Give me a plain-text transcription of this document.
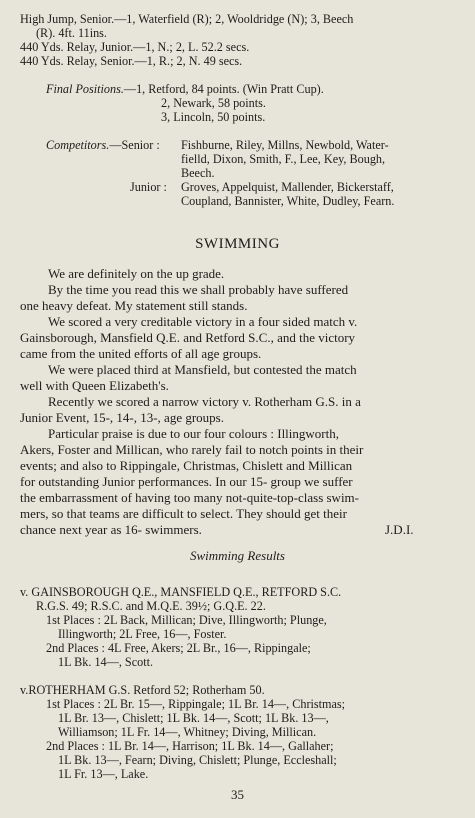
High Jump, Senior.—1, Waterfield (R); 2, Wooldridge (N); 3, Beech
(R). 4ft. 11ins.
440 Yds. Relay, Junior.—1, N.; 2, L. 52.2 secs.
440 Yds. Relay, Senior.—1, R.; 2, N. 49 secs.
Final Positions.—1, Retford, 84 points. (Win Pratt Cup).
2, Newark, 58 points.
3, Lincoln, 50 points.
Competitors.—Senior : Fishburne, Riley, Millns, Newbold, Water-
fielld, Dixon, Smith, F., Lee, Key, Bough,
Beech.
Junior : Groves, Appelquist, Mallender, Bickerstaff,
Coupland, Bannister, White, Dudley, Fearn.
SWIMMING
We are definitely on the up grade.
By the time you read this we shall probably have suffered
one heavy defeat. My statement still stands.
We scored a very creditable victory in a four sided match v.
Gainsborough, Mansfield Q.E. and Retford S.C., and the victory
came from the united efforts of all age groups.
We were placed third at Mansfield, but contested the match
well with Queen Elizabeth's.
Recently we scored a narrow victory v. Rotherham G.S. in a
Junior Event, 15-, 14-, 13-, age groups.
Particular praise is due to our four colours : Illingworth,
Akers, Foster and Millican, who rarely fail to notch points in their
events; and also to Rippingale, Christmas, Chislett and Millican
for outstanding Junior performances. In our 15- group we suffer
the embarrassment of having too many not-quite-top-class swim-
mers, so that teams are difficult to select. They should get their
chance next year as 16- swimmers.	J.D.I.
Swimming Results
v. GAINSBOROUGH Q.E., MANSFIELD Q.E., RETFORD S.C.
R.G.S. 49; R.S.C. and M.Q.E. 39½; G.Q.E. 22.
1st Places : 2L Back, Millican; Dive, Illingworth; Plunge,
Illingworth; 2L Free, 16—, Foster.
2nd Places : 4L Free, Akers; 2L Br., 16—, Rippingale;
1L Bk. 14—, Scott.
v.ROTHERHAM G.S. Retford 52; Rotherham 50.
1st Places : 2L Br. 15—, Rippingale; 1L Br. 14—, Christmas;
1L Br. 13—, Chislett; 1L Bk. 14—, Scott; 1L Bk. 13—,
Williamson; 1L Fr. 14—, Whitney; Diving, Millican.
2nd Places : 1L Br. 14—, Harrison; 1L Bk. 14—, Gallaher;
1L Bk. 13—, Fearn; Diving, Chislett; Plunge, Eccleshall;
1L Fr. 13—, Lake.
35
